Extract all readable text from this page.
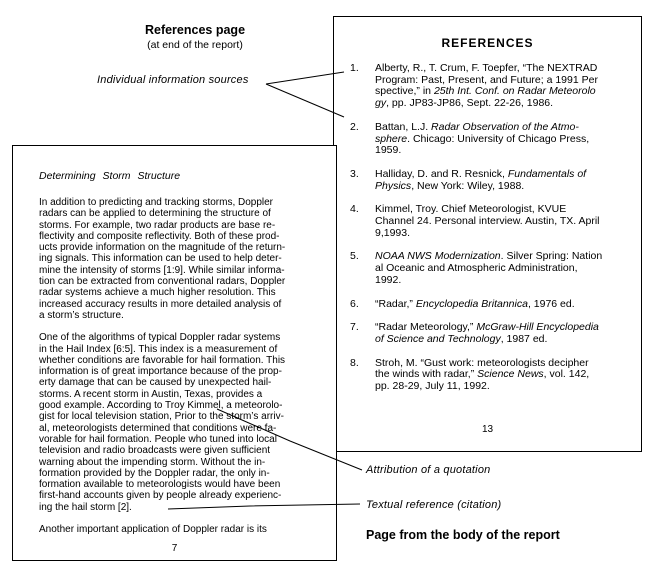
REFERENCES
1. Alberty, R., T. Crum, F. Toepfer, “The NEXTRAD
Program: Past, Present, and Future; a 1991 Per
spective,” in 25th Int. Conf. on Radar Meteorolo
gy, pp. JP83-JP86, Sept. 22-26, 1986.
2. Battan, L.J. Radar Observation of the Atmo-
sphere. Chicago: University of Chicago Press,
1959.
3. Halliday, D. and R. Resnick, Fundamentals of
Physics, New York: Wiley, 1988.
4. Kimmel, Troy. Chief Meteorologist, KVUE
Channel 24. Personal interview. Austin, TX. April
9,1993.
5. NOAA NWS Modernization. Silver Spring: Nation
al Oceanic and Atmospheric Administration,
1992.
6. “Radar,” Encyclopedia Britannica, 1976 ed.
7. “Radar Meteorology,” McGraw-Hill Encyclopedia
of Science and Technology, 1987 ed.
8. Stroh, M. “Gust work: meteorologists decipher
the winds with radar,” Science News, vol. 142,
pp. 28-29, July 11, 1992.
13
Determining Storm Structure
In addition to predicting and tracking storms, Doppler
radars can be applied to determining the structure of
storms. For example, two radar products are base re-
flectivity and composite reflectivity. Both of these prod-
ucts provide information on the magnitude of the return-
ing signals. This information can be used to help deter-
mine the intensity of storms [1:9]. While similar informa-
tion can be extracted from conventional radars, Doppler
radar systems achieve a much higher resolution. This
increased accuracy results in more detailed analysis of
a storm’s structure.
One of the algorithms of typical Doppler radar systems
in the Hail Index [6:5]. This index is a measurement of
whether conditions are favorable for hail formation. This
information is of great importance because of the prop-
erty damage that can be caused by unexpected hail-
storms. A recent storm in Austin, Texas, provides a
good example. According to Troy Kimmel, a meteorolo-
gist for local television station, Prior to the storm’s arriv-
al, meteorologists determined that conditions were fa-
vorable for hail formation. People who tuned into local
television and radio broadcasts were given sufficient
warning about the impending storm. Without the in-
formation provided by the Doppler radar, the only in-
formation available to meteorologists would have been
first-hand accounts given by people already experienc-
ing the hail storm [2].
Another important application of Doppler radar is its
7
References page
(at end of the report)
Individual information sources
Attribution of a quotation
Textual reference (citation)
Page from the body of the report
